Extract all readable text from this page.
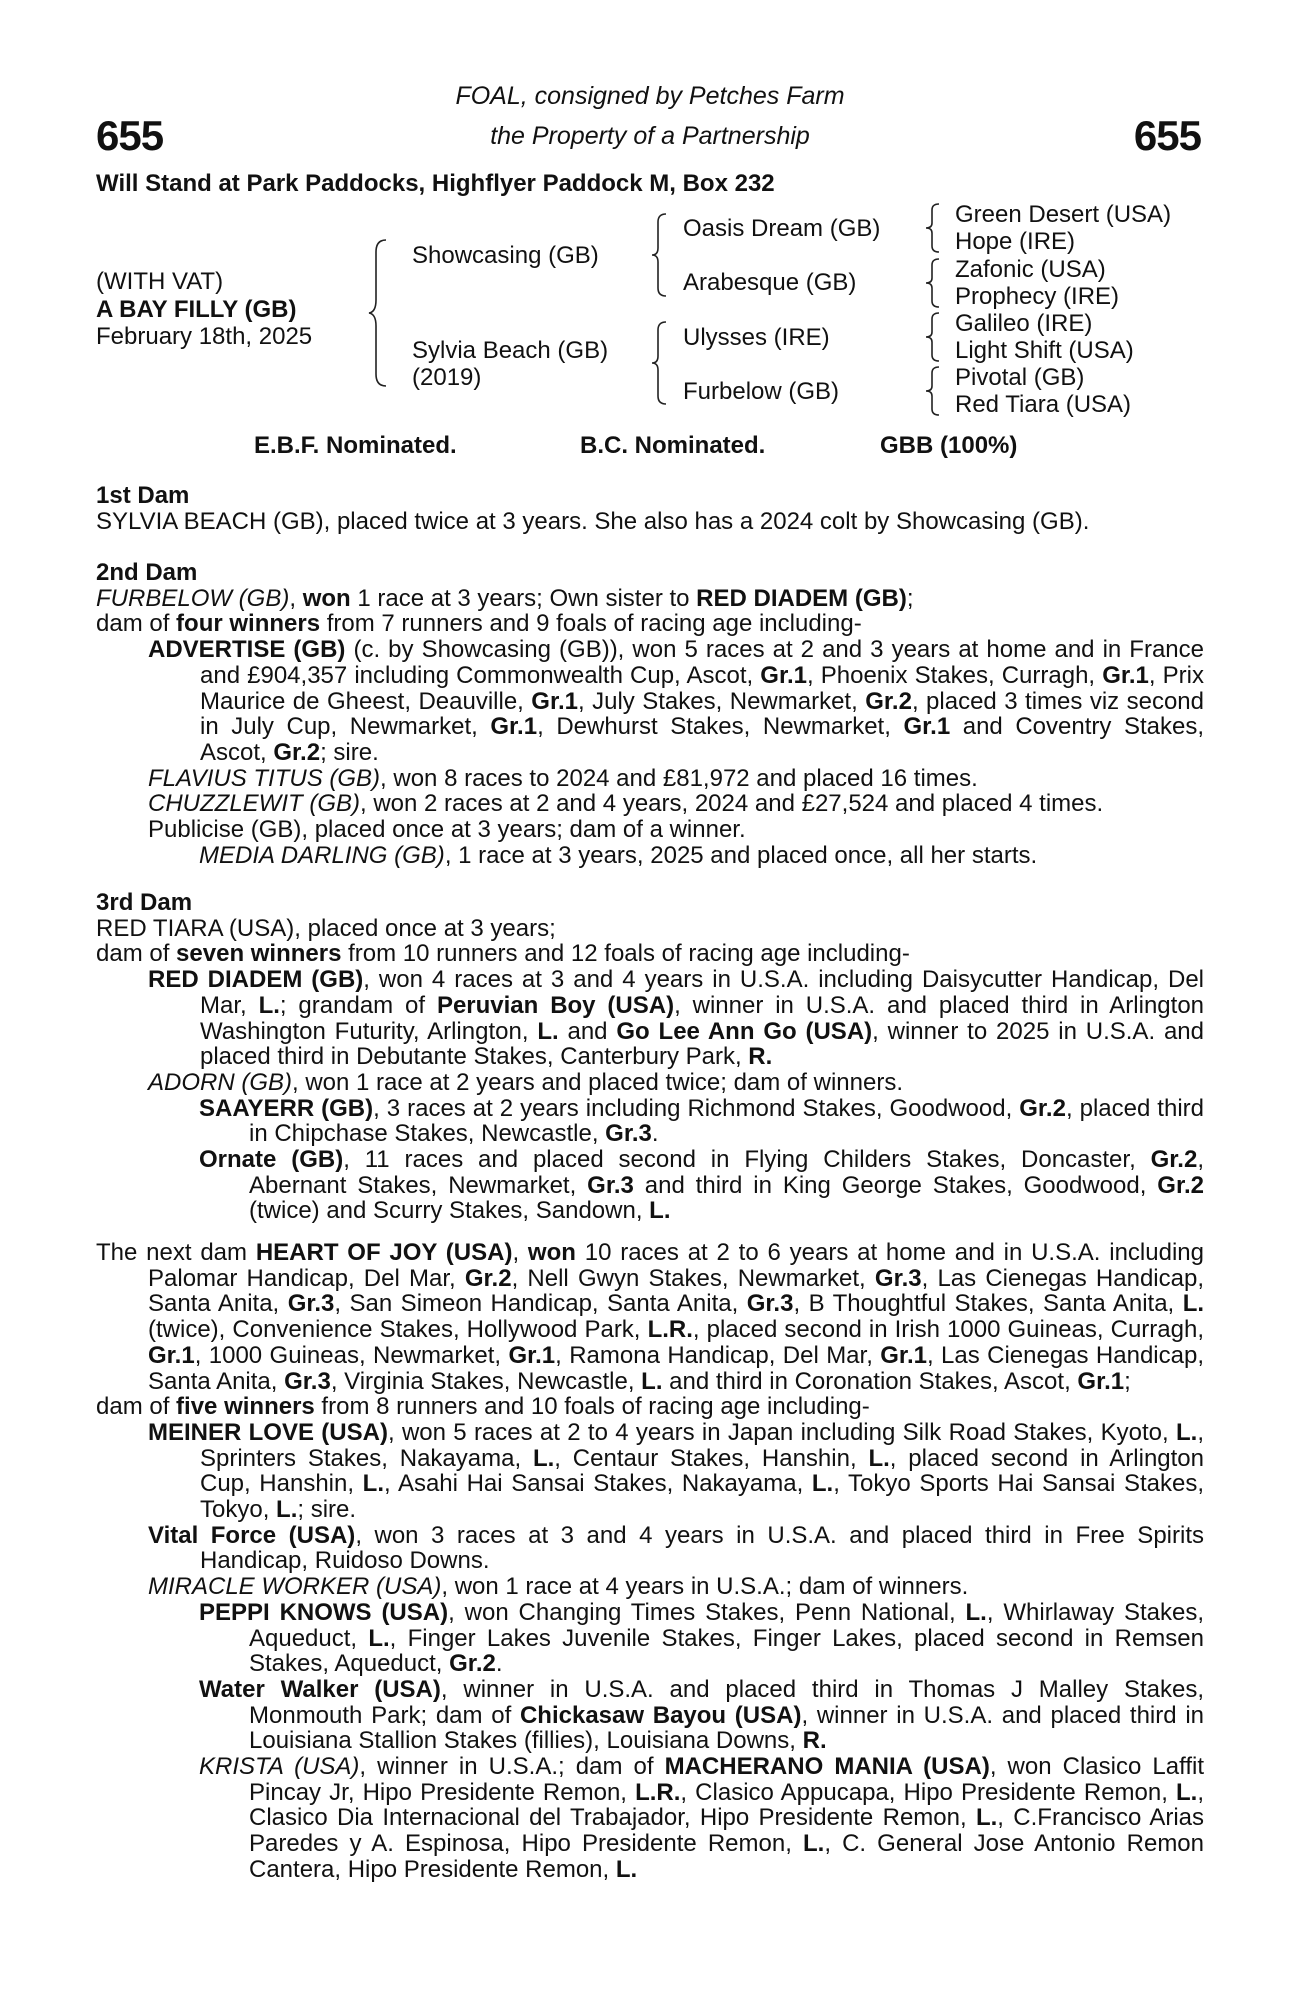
655	655
FOAL, consigned by Petches Farm
the Property of a Partnership
Will Stand at Park Paddocks, Highflyer Paddock M, Box 232
(WITH VAT)
A BAY FILLY (GB)
February 18th, 2025
Showcasing (GB)
Sylvia Beach (GB)
(2019)
Oasis Dream (GB)
Arabesque (GB)
Ulysses (IRE)
Furbelow (GB)
Green Desert (USA)
Hope (IRE)
Zafonic (USA)
Prophecy (IRE)
Galileo (IRE)
Light Shift (USA)
Pivotal (GB)
Red Tiara (USA)
E.B.F. Nominated.	B.C. Nominated.	GBB (100%)
1st Dam
SYLVIA BEACH (GB), placed twice at 3 years. She also has a 2024 colt by Showcasing (GB).
2nd Dam
FURBELOW (GB), won 1 race at 3 years; Own sister to RED DIADEM (GB);
dam of four winners from 7 runners and 9 foals of racing age including-
ADVERTISE (GB) (c. by Showcasing (GB)), won 5 races at 2 and 3 years at home and in France and £904,357 including Commonwealth Cup, Ascot, Gr.1, Phoenix Stakes, Curragh, Gr.1, Prix Maurice de Gheest, Deauville, Gr.1, July Stakes, Newmarket, Gr.2, placed 3 times viz second in July Cup, Newmarket, Gr.1, Dewhurst Stakes, Newmarket, Gr.1 and Coventry Stakes, Ascot, Gr.2; sire.
FLAVIUS TITUS (GB), won 8 races to 2024 and £81,972 and placed 16 times.
CHUZZLEWIT (GB), won 2 races at 2 and 4 years, 2024 and £27,524 and placed 4 times.
Publicise (GB), placed once at 3 years; dam of a winner.
MEDIA DARLING (GB), 1 race at 3 years, 2025 and placed once, all her starts.
3rd Dam
RED TIARA (USA), placed once at 3 years;
dam of seven winners from 10 runners and 12 foals of racing age including-
RED DIADEM (GB), won 4 races at 3 and 4 years in U.S.A. including Daisycutter Handicap, Del Mar, L.; grandam of Peruvian Boy (USA), winner in U.S.A. and placed third in Arlington Washington Futurity, Arlington, L. and Go Lee Ann Go (USA), winner to 2025 in U.S.A. and placed third in Debutante Stakes, Canterbury Park, R.
ADORN (GB), won 1 race at 2 years and placed twice; dam of winners.
SAAYERR (GB), 3 races at 2 years including Richmond Stakes, Goodwood, Gr.2, placed third in Chipchase Stakes, Newcastle, Gr.3.
Ornate (GB), 11 races and placed second in Flying Childers Stakes, Doncaster, Gr.2, Abernant Stakes, Newmarket, Gr.3 and third in King George Stakes, Goodwood, Gr.2 (twice) and Scurry Stakes, Sandown, L.
The next dam HEART OF JOY (USA), won 10 races at 2 to 6 years at home and in U.S.A. including Palomar Handicap, Del Mar, Gr.2, Nell Gwyn Stakes, Newmarket, Gr.3, Las Cienegas Handicap, Santa Anita, Gr.3, San Simeon Handicap, Santa Anita, Gr.3, B Thoughtful Stakes, Santa Anita, L. (twice), Convenience Stakes, Hollywood Park, L.R., placed second in Irish 1000 Guineas, Curragh, Gr.1, 1000 Guineas, Newmarket, Gr.1, Ramona Handicap, Del Mar, Gr.1, Las Cienegas Handicap, Santa Anita, Gr.3, Virginia Stakes, Newcastle, L. and third in Coronation Stakes, Ascot, Gr.1;
dam of five winners from 8 runners and 10 foals of racing age including-
MEINER LOVE (USA), won 5 races at 2 to 4 years in Japan including Silk Road Stakes, Kyoto, L., Sprinters Stakes, Nakayama, L., Centaur Stakes, Hanshin, L., placed second in Arlington Cup, Hanshin, L., Asahi Hai Sansai Stakes, Nakayama, L., Tokyo Sports Hai Sansai Stakes, Tokyo, L.; sire.
Vital Force (USA), won 3 races at 3 and 4 years in U.S.A. and placed third in Free Spirits Handicap, Ruidoso Downs.
MIRACLE WORKER (USA), won 1 race at 4 years in U.S.A.; dam of winners.
PEPPI KNOWS (USA), won Changing Times Stakes, Penn National, L., Whirlaway Stakes, Aqueduct, L., Finger Lakes Juvenile Stakes, Finger Lakes, placed second in Remsen Stakes, Aqueduct, Gr.2.
Water Walker (USA), winner in U.S.A. and placed third in Thomas J Malley Stakes, Monmouth Park; dam of Chickasaw Bayou (USA), winner in U.S.A. and placed third in Louisiana Stallion Stakes (fillies), Louisiana Downs, R.
KRISTA (USA), winner in U.S.A.; dam of MACHERANO MANIA (USA), won Clasico Laffit Pincay Jr, Hipo Presidente Remon, L.R., Clasico Appucapa, Hipo Presidente Remon, L., Clasico Dia Internacional del Trabajador, Hipo Presidente Remon, L., C.Francisco Arias Paredes y A. Espinosa, Hipo Presidente Remon, L., C. General Jose Antonio Remon Cantera, Hipo Presidente Remon, L.
